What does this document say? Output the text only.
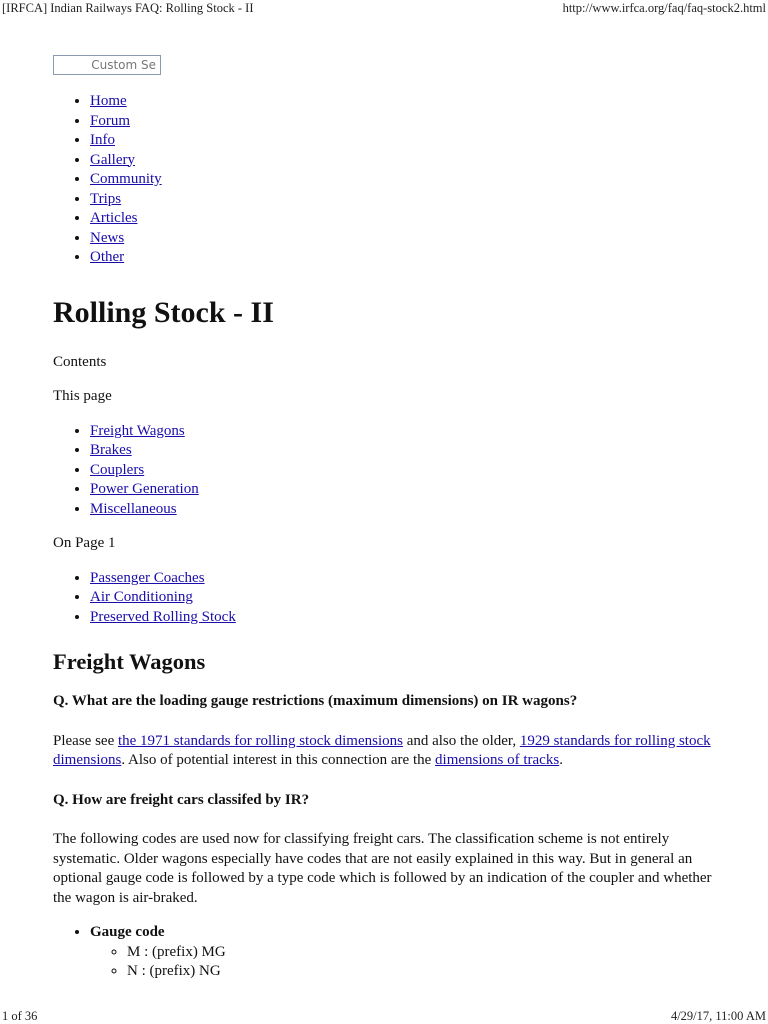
[IRFCA] Indian Railways FAQ: Rolling Stock - II	http://www.irfca.org/faq/faq-stock2.html
Custom Se
• Home
• Forum
• Info
• Gallery
• Community
• Trips
• Articles
• News
• Other
Rolling Stock - II

Contents

This page

• Freight Wagons
• Brakes
• Couplers
• Power Generation
• Miscellaneous

On Page 1

• Passenger Coaches
• Air Conditioning
• Preserved Rolling Stock
Freight Wagons

Q. What are the loading gauge restrictions (maximum dimensions) on IR wagons?

Please see the 1971 standards for rolling stock dimensions and also the older, 1929 standards for rolling stock dimensions. Also of potential interest in this connection are the dimensions of tracks.

Q. How are freight cars classifed by IR?

The following codes are used now for classifying freight cars. The classification scheme is not entirely systematic. Older wagons especially have codes that are not easily explained in this way. But in general an optional gauge code is followed by a type code which is followed by an indication of the coupler and whether the wagon is air-braked.

• Gauge code
◦ M : (prefix) MG
◦ N : (prefix) NG
1 of 36	4/29/17, 11:00 AM
